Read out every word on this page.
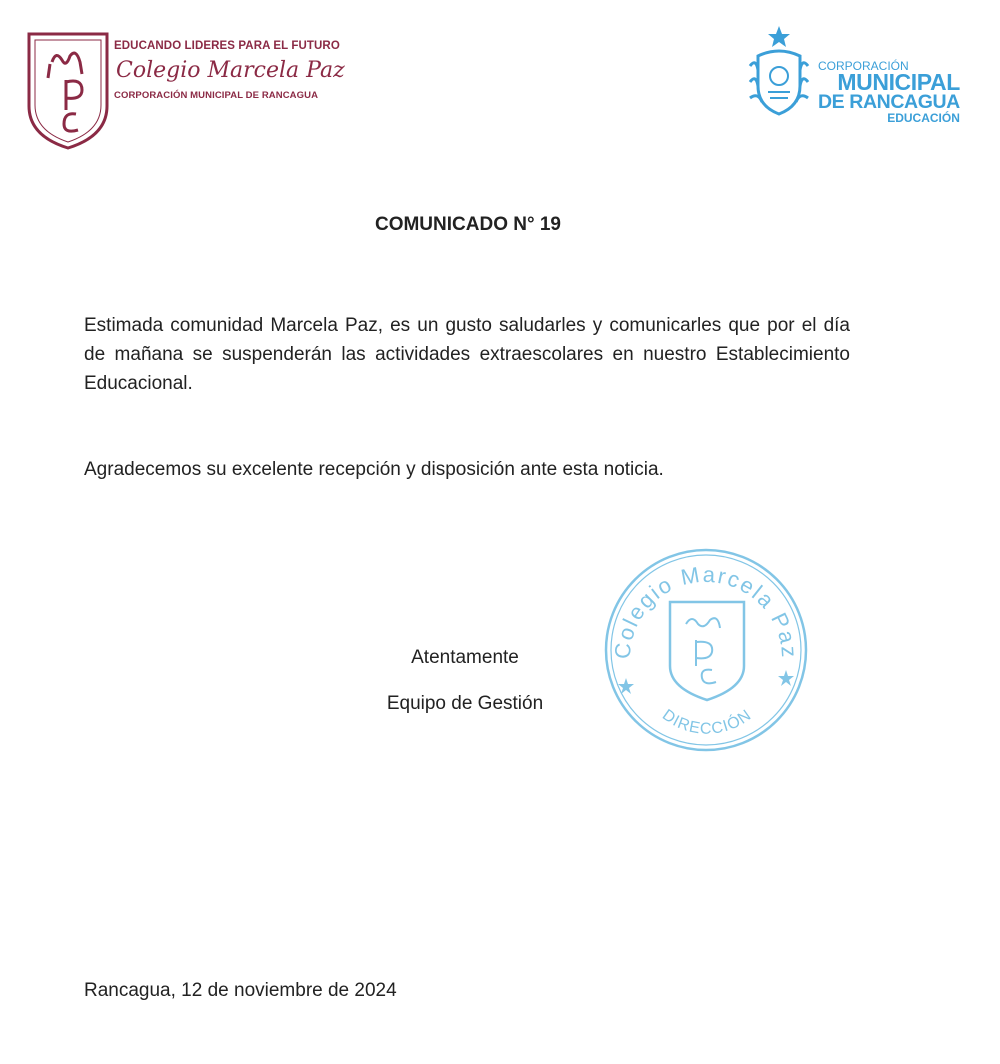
EDUCANDO LIDERES PARA EL FUTURO
Colegio Marcela Paz
CORPORACIÓN MUNICIPAL DE RANCAGUA
CORPORACIÓN
MUNICIPAL
DE RANCAGUA
EDUCACIÓN
COMUNICADO N° 19
Estimada comunidad Marcela Paz, es un gusto saludarles y comunicarles que por el día de mañana se suspenderán las actividades extraescolares en nuestro Establecimiento Educacional.
Agradecemos su excelente recepción y disposición ante esta noticia.
Colegio Marcela Paz
DIRECCIÓN
Atentamente
Equipo de Gestión
Rancagua, 12 de noviembre de 2024
